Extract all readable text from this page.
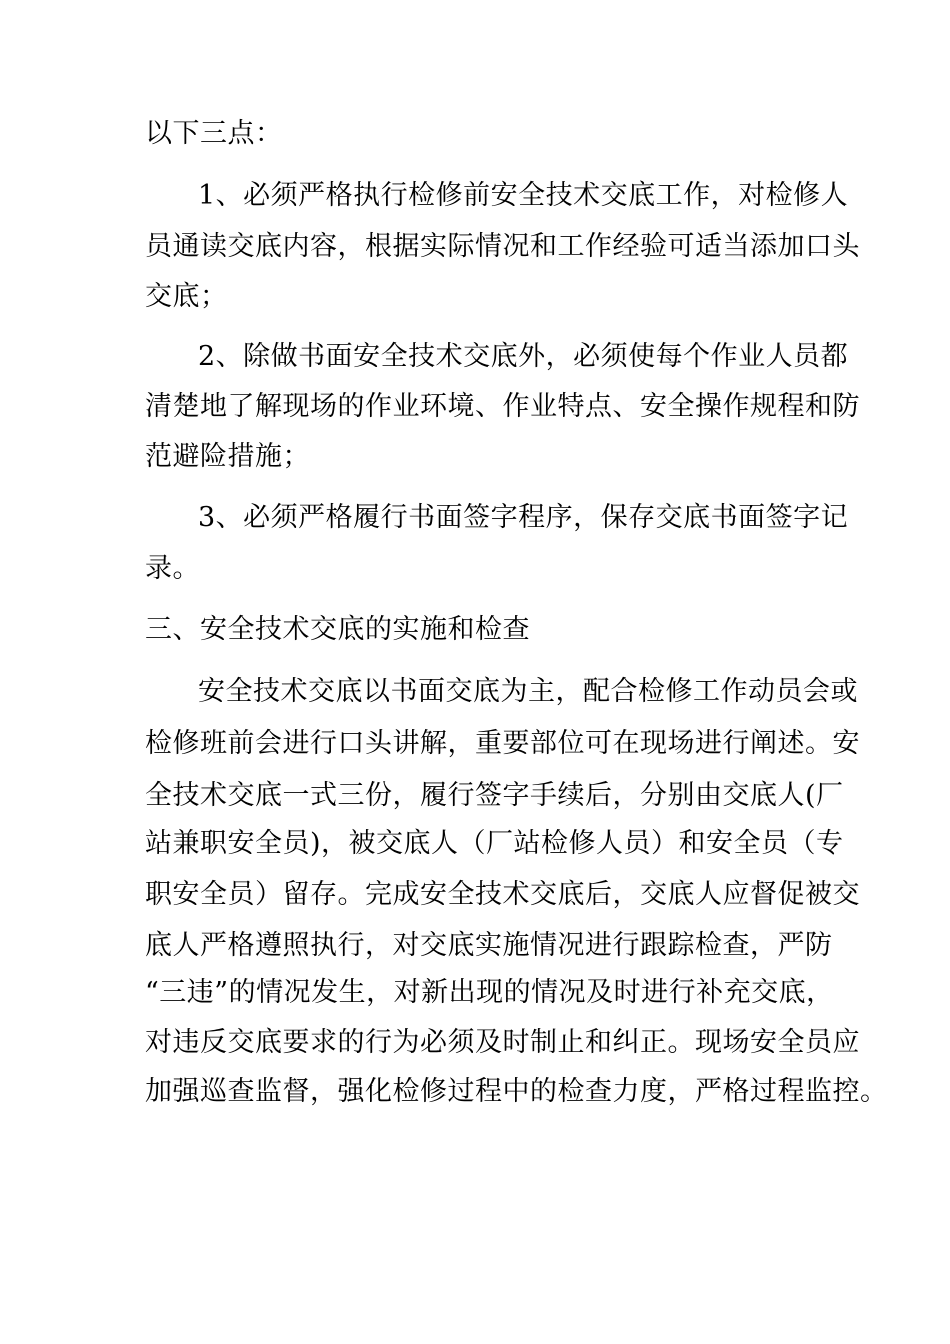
以下三点：
1、必须严格执行检修前安全技术交底工作，对检修人
员通读交底内容，根据实际情况和工作经验可适当添加口头
交底；
2、除做书面安全技术交底外，必须使每个作业人员都
清楚地了解现场的作业环境、作业特点、安全操作规程和防
范避险措施；
3、必须严格履行书面签字程序，保存交底书面签字记
录。
三、安全技术交底的实施和检查
安全技术交底以书面交底为主，配合检修工作动员会或
检修班前会进行口头讲解，重要部位可在现场进行阐述。安
全技术交底一式三份，履行签字手续后，分别由交底人(厂
站兼职安全员)，被交底人（厂站检修人员）和安全员（专
职安全员）留存。完成安全技术交底后，交底人应督促被交
底人严格遵照执行，对交底实施情况进行跟踪检查，严防
“三违”的情况发生，对新出现的情况及时进行补充交底，
对违反交底要求的行为必须及时制止和纠正。现场安全员应
加强巡查监督，强化检修过程中的检查力度，严格过程监控。
